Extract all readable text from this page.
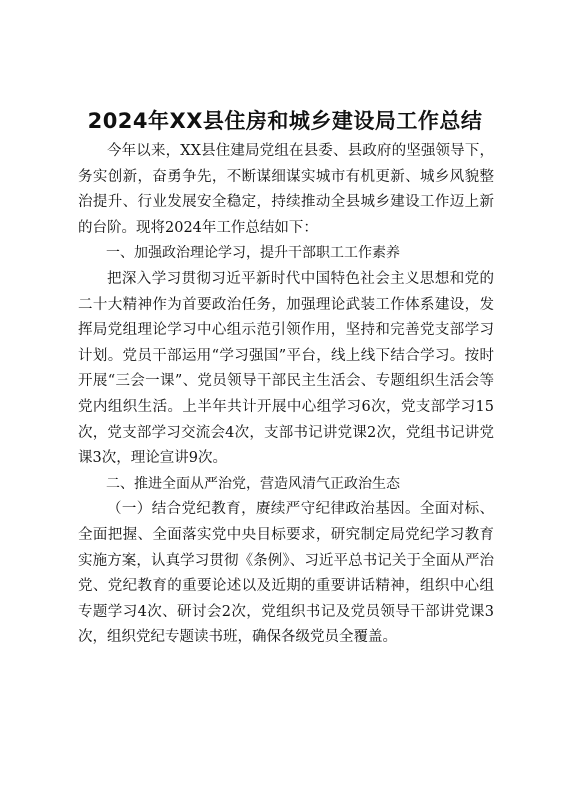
2024年XX县住房和城乡建设局工作总结

今年以来，XX县住建局党组在县委、县政府的坚强领导下，务实创新，奋勇争先，不断谋细谋实城市有机更新、城乡风貌整治提升、行业发展安全稳定，持续推动全县城乡建设工作迈上新的台阶。现将2024年工作总结如下：

一、加强政治理论学习，提升干部职工工作素养

把深入学习贯彻习近平新时代中国特色社会主义思想和党的二十大精神作为首要政治任务，加强理论武装工作体系建设，发挥局党组理论学习中心组示范引领作用，坚持和完善党支部学习计划。党员干部运用“学习强国”平台，线上线下结合学习。按时开展“三会一课”、党员领导干部民主生活会、专题组织生活会等党内组织生活。上半年共计开展中心组学习6次，党支部学习15次，党支部学习交流会4次，支部书记讲党课2次，党组书记讲党课3次，理论宣讲9次。

二、推进全面从严治党，营造风清气正政治生态

（一）结合党纪教育，赓续严守纪律政治基因。全面对标、全面把握、全面落实党中央目标要求，研究制定局党纪学习教育实施方案，认真学习贯彻《条例》、习近平总书记关于全面从严治党、党纪教育的重要论述以及近期的重要讲话精神，组织中心组专题学习4次、研讨会2次，党组织书记及党员领导干部讲党课3次，组织党纪专题读书班，确保各级党员全覆盖。
